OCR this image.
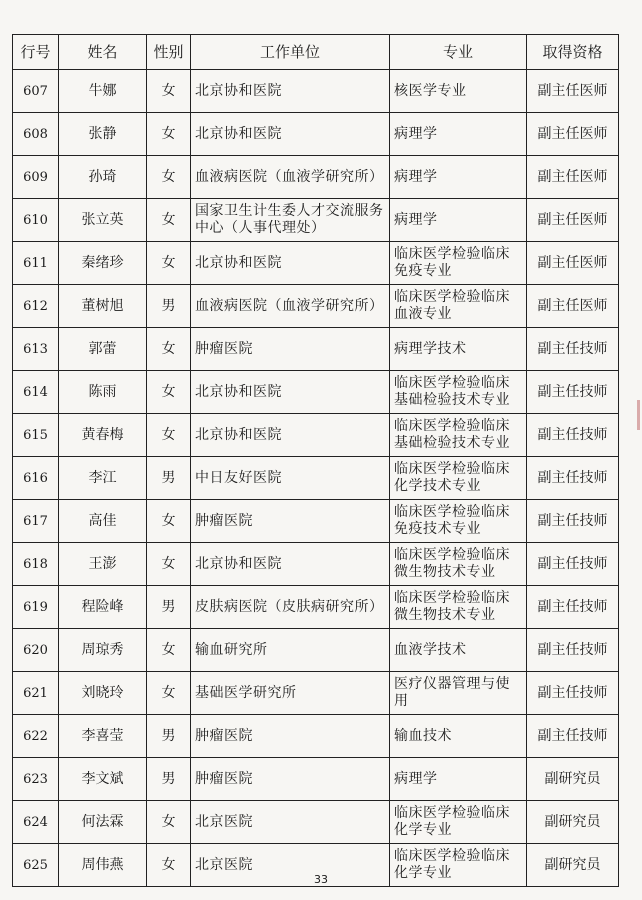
行号	姓名	性别	工作单位	专业	取得资格
607	牛娜	女	北京协和医院	核医学专业	副主任医师
608	张静	女	北京协和医院	病理学	副主任医师
609	孙琦	女	血液病医院（血液学研究所）	病理学	副主任医师
610	张立英	女	国家卫生计生委人才交流服务中心（人事代理处）	病理学	副主任医师
611	秦绪珍	女	北京协和医院	临床医学检验临床免疫专业	副主任医师
612	董树旭	男	血液病医院（血液学研究所）	临床医学检验临床血液专业	副主任医师
613	郭蕾	女	肿瘤医院	病理学技术	副主任技师
614	陈雨	女	北京协和医院	临床医学检验临床基础检验技术专业	副主任技师
615	黄春梅	女	北京协和医院	临床医学检验临床基础检验技术专业	副主任技师
616	李江	男	中日友好医院	临床医学检验临床化学技术专业	副主任技师
617	高佳	女	肿瘤医院	临床医学检验临床免疫技术专业	副主任技师
618	王澎	女	北京协和医院	临床医学检验临床微生物技术专业	副主任技师
619	程险峰	男	皮肤病医院（皮肤病研究所）	临床医学检验临床微生物技术专业	副主任技师
620	周琼秀	女	输血研究所	血液学技术	副主任技师
621	刘晓玲	女	基础医学研究所	医疗仪器管理与使用	副主任技师
622	李喜莹	男	肿瘤医院	输血技术	副主任技师
623	李文斌	男	肿瘤医院	病理学	副研究员
624	何法霖	女	北京医院	临床医学检验临床化学专业	副研究员
625	周伟燕	女	北京医院	临床医学检验临床化学专业	副研究员
33
